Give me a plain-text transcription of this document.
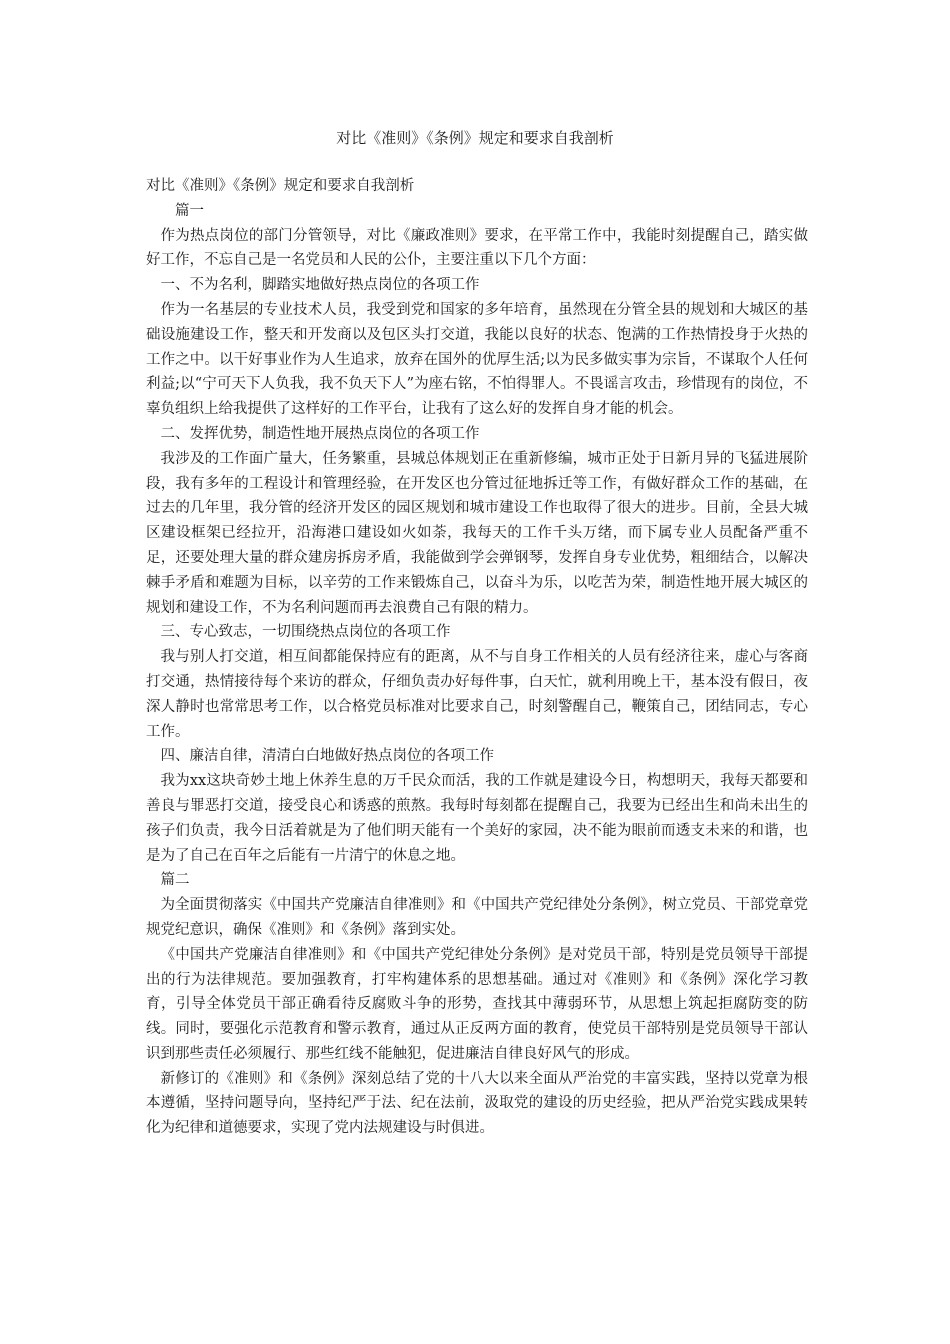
对比《准则》《条例》规定和要求自我剖析

对比《准则》《条例》规定和要求自我剖析

篇一

作为热点岗位的部门分管领导，对比《廉政准则》要求，在平常工作中，我能时刻提醒自己，踏实做好工作，不忘自己是一名党员和人民的公仆，主要注重以下几个方面：

一、不为名利，脚踏实地做好热点岗位的各项工作

作为一名基层的专业技术人员，我受到党和国家的多年培育，虽然现在分管全县的规划和大城区的基础设施建设工作，整天和开发商以及包区头打交道，我能以良好的状态、饱满的工作热情投身于火热的工作之中。以干好事业作为人生追求，放弃在国外的优厚生活;以为民多做实事为宗旨，不谋取个人任何利益;以“宁可天下人负我，我不负天下人”为座右铭，不怕得罪人。不畏谣言攻击，珍惜现有的岗位，不辜负组织上给我提供了这样好的工作平台，让我有了这么好的发挥自身才能的机会。

二、发挥优势，制造性地开展热点岗位的各项工作

我涉及的工作面广量大，任务繁重，县城总体规划正在重新修编，城市正处于日新月异的飞猛进展阶段，我有多年的工程设计和管理经验，在开发区也分管过征地拆迁等工作，有做好群众工作的基础，在过去的几年里，我分管的经济开发区的园区规划和城市建设工作也取得了很大的进步。目前，全县大城区建设框架已经拉开，沿海港口建设如火如荼，我每天的工作千头万绪，而下属专业人员配备严重不足，还要处理大量的群众建房拆房矛盾，我能做到学会弹钢琴，发挥自身专业优势，粗细结合，以解决棘手矛盾和难题为目标，以辛劳的工作来锻炼自己，以奋斗为乐，以吃苦为荣，制造性地开展大城区的规划和建设工作，不为名利问题而再去浪费自己有限的精力。

三、专心致志，一切围绕热点岗位的各项工作

我与别人打交道，相互间都能保持应有的距离，从不与自身工作相关的人员有经济往来，虚心与客商打交通，热情接待每个来访的群众，仔细负责办好每件事，白天忙，就利用晚上干，基本没有假日，夜深人静时也常常思考工作，以合格党员标准对比要求自己，时刻警醒自己，鞭策自己，团结同志，专心工作。

四、廉洁自律，清清白白地做好热点岗位的各项工作

我为xx这块奇妙土地上休养生息的万千民众而活，我的工作就是建设今日，构想明天，我每天都要和善良与罪恶打交道，接受良心和诱惑的煎熬。我每时每刻都在提醒自己，我要为已经出生和尚未出生的孩子们负责，我今日活着就是为了他们明天能有一个美好的家园，决不能为眼前而透支未来的和谐，也是为了自己在百年之后能有一片清宁的休息之地。

篇二

为全面贯彻落实《中国共产党廉洁自律准则》和《中国共产党纪律处分条例》，树立党员、干部党章党规党纪意识，确保《准则》和《条例》落到实处。

《中国共产党廉洁自律准则》和《中国共产党纪律处分条例》是对党员干部，特别是党员领导干部提出的行为法律规范。要加强教育，打牢构建体系的思想基础。通过对《准则》和《条例》深化学习教育，引导全体党员干部正确看待反腐败斗争的形势，查找其中薄弱环节，从思想上筑起拒腐防变的防线。同时，要强化示范教育和警示教育，通过从正反两方面的教育，使党员干部特别是党员领导干部认识到那些责任必须履行、那些红线不能触犯，促进廉洁自律良好风气的形成。

新修订的《准则》和《条例》深刻总结了党的十八大以来全面从严治党的丰富实践，坚持以党章为根本遵循，坚持问题导向，坚持纪严于法、纪在法前，汲取党的建设的历史经验，把从严治党实践成果转化为纪律和道德要求，实现了党内法规建设与时俱进。
